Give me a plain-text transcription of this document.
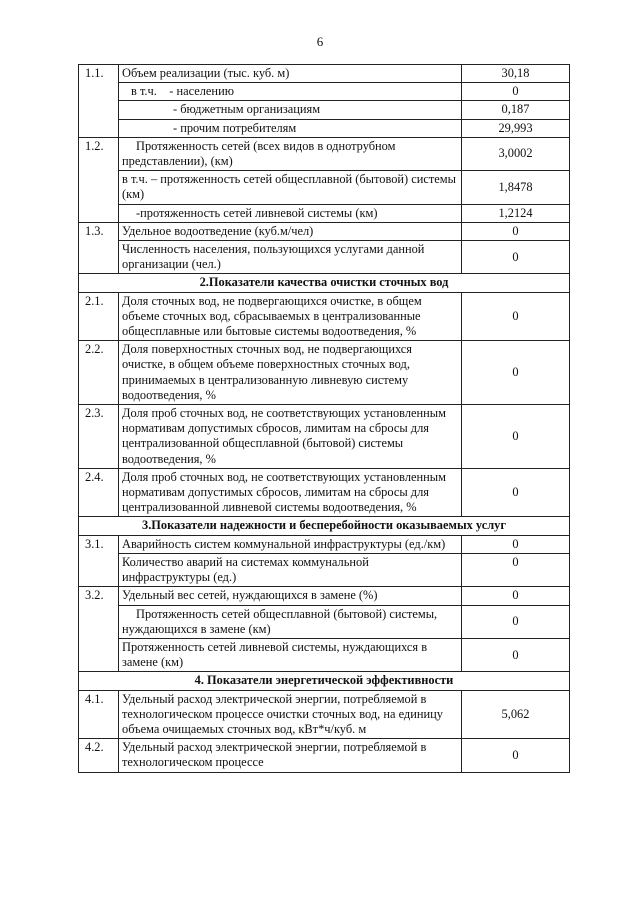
6
1.1.	Объем реализации (тыс. куб. м)	30,18
	в т.ч.    - населению	0
	- бюджетным организациям	0,187
	- прочим потребителям	29,993
1.2.	Протяженность сетей (всех видов в однотрубном представлении), (км)	3,0002
	в т.ч. – протяженность сетей общесплавной (бытовой) системы (км)	1,8478
	-протяженность сетей ливневой системы (км)	1,2124
1.3.	Удельное водоотведение (куб.м/чел)	0
	Численность населения, пользующихся услугами данной организации (чел.)	0
2.Показатели качества очистки сточных вод		
2.1.	Доля сточных вод, не подвергающихся очистке, в общем объеме сточных вод, сбрасываемых в централизованные общесплавные или бытовые системы водоотведения, %	0
2.2.	Доля поверхностных сточных вод, не подвергающихся очистке, в общем объеме поверхностных сточных вод, принимаемых в централизованную ливневую систему водоотведения, %	0
2.3.	Доля проб сточных вод, не соответствующих установленным нормативам допустимых сбросов, лимитам на сбросы для централизованной общесплавной (бытовой) системы водоотведения, %	0
2.4.	Доля проб сточных вод, не соответствующих установленным нормативам допустимых сбросов, лимитам на сбросы для централизованной ливневой системы водоотведения, %	0
3.Показатели надежности и бесперебойности оказываемых услуг		
3.1.	Аварийность систем коммунальной инфраструктуры (ед./км)	0
	Количество аварий на системах коммунальной инфраструктуры (ед.)	0
3.2.	Удельный вес сетей, нуждающихся в замене (%)	0
	Протяженность сетей общесплавной (бытовой) системы, нуждающихся в замене (км)	0
	Протяженность сетей ливневой системы, нуждающихся в замене (км)	0
4. Показатели энергетической эффективности		
4.1.	Удельный расход электрической энергии, потребляемой в технологическом процессе очистки сточных вод, на единицу объема очищаемых сточных вод, кВт*ч/куб. м	5,062
4.2.	Удельный расход электрической энергии, потребляемой в технологическом процессе	0
